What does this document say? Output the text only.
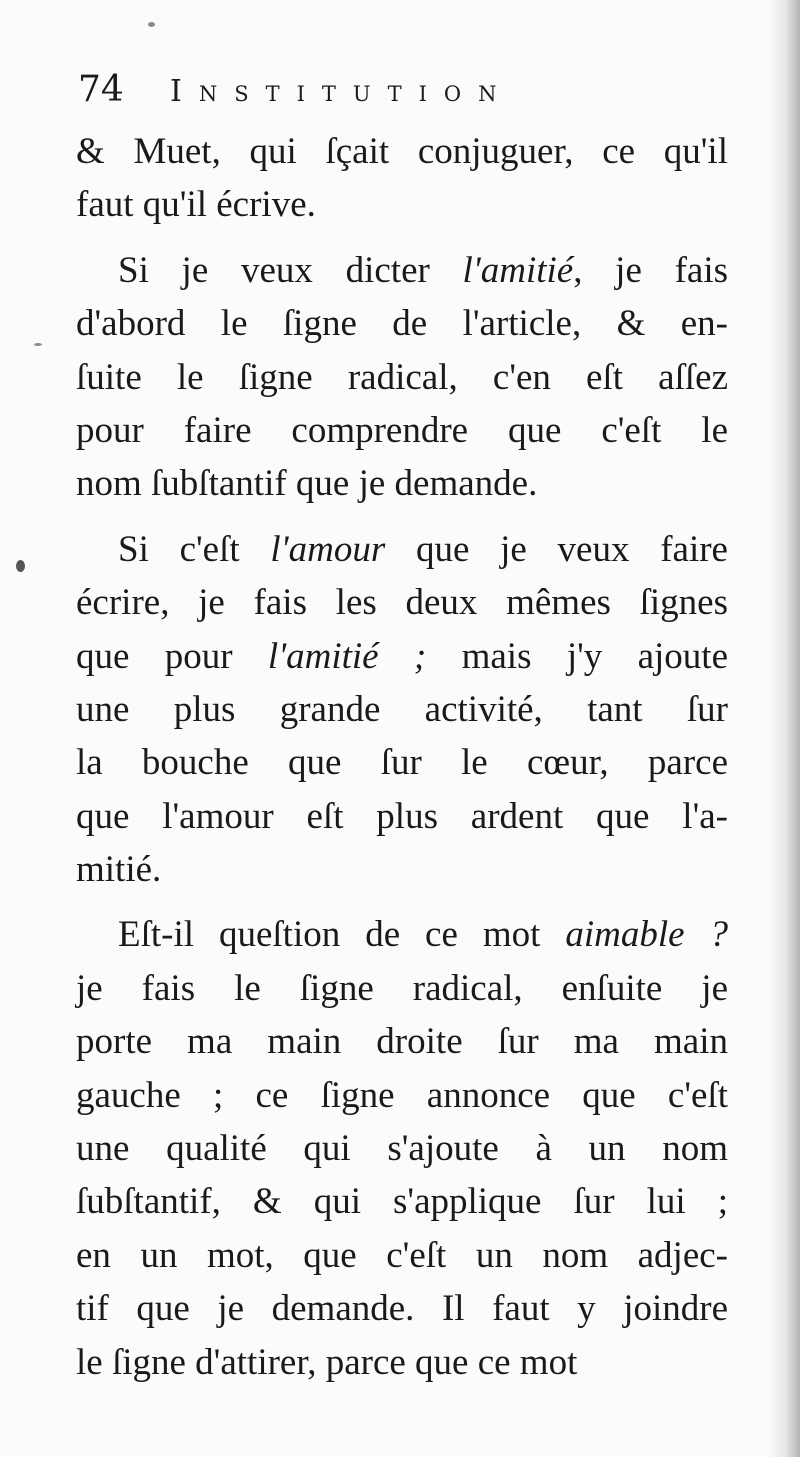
74 Institution
& Muet, qui ſçait conjuguer, ce qu'il
faut qu'il écrive.
Si je veux dicter l'amitié, je fais
d'abord le ſigne de l'article, & en-
ſuite le ſigne radical, c'en eſt aſſez
pour faire comprendre que c'eſt le
nom ſubſtantif que je demande.
Si c'eſt l'amour que je veux faire
écrire, je fais les deux mêmes ſignes
que pour l'amitié ; mais j'y ajoute
une plus grande activité, tant ſur
la bouche que ſur le cœur, parce
que l'amour eſt plus ardent que l'a-
mitié.
Eſt-il queſtion de ce mot aimable ?
je fais le ſigne radical, enſuite je
porte ma main droite ſur ma main
gauche ; ce ſigne annonce que c'eſt
une qualité qui s'ajoute à un nom
ſubſtantif, & qui s'applique ſur lui ;
en un mot, que c'eſt un nom adjec-
tif que je demande. Il faut y joindre
le ſigne d'attirer, parce que ce mot
